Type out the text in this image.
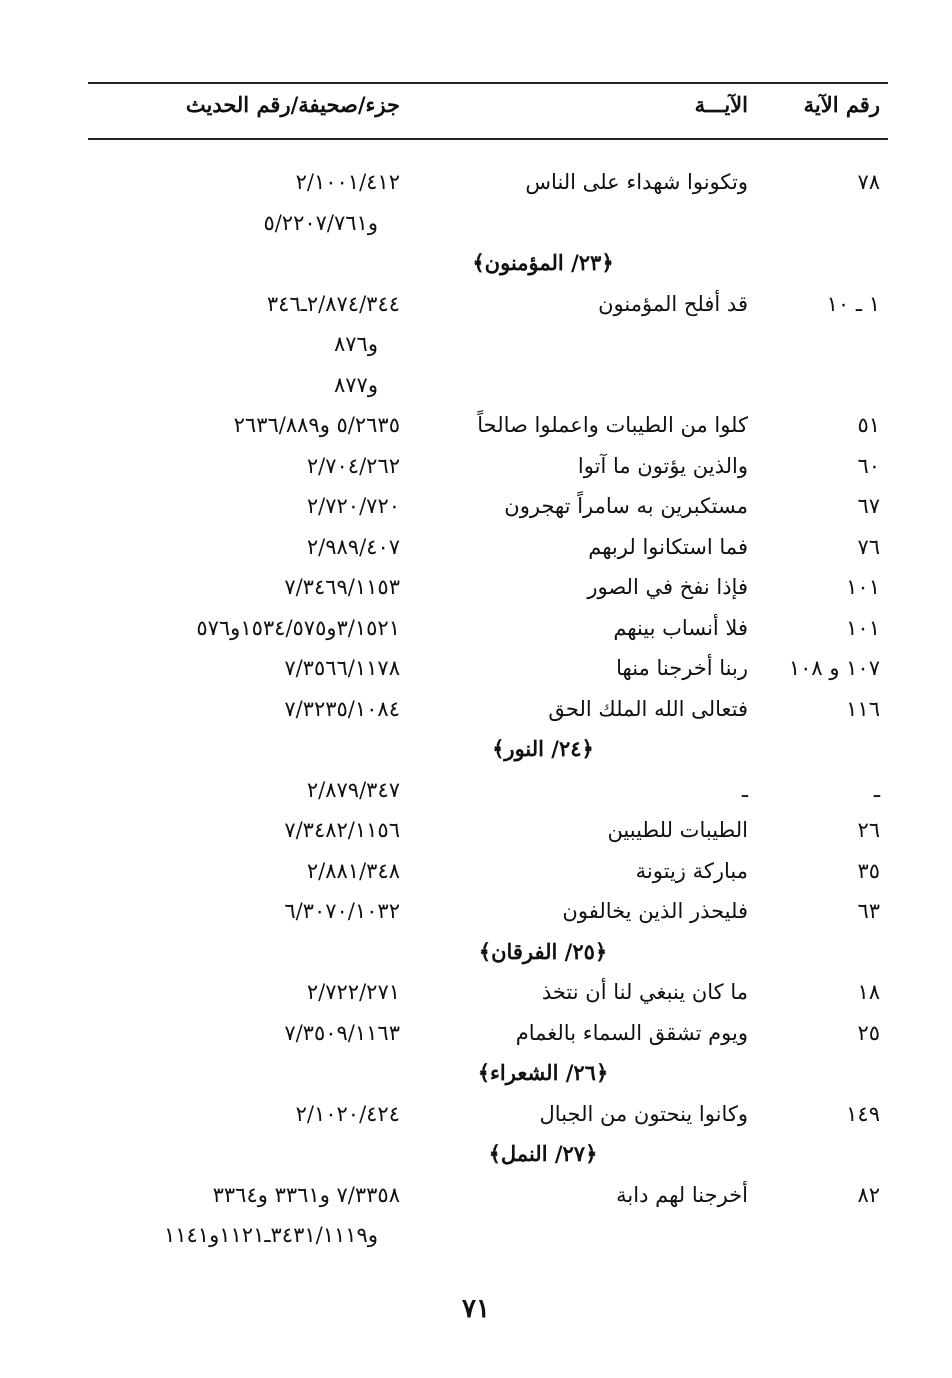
رقم الآية
الآيـــة
جزء/صحيفة/رقم الحديث
٧٨
وتكونوا شهداء على الناس
٢/١٠٠١/٤١٢
و٥/٢٢٠٧/٧٦١
﴿٢٣/ المؤمنون﴾
١ ـ ١٠
قد أفلح المؤمنون
٢/٨٧٤/٣٤٤ـ٣٤٦
و٨٧٦
و٨٧٧
٥١
كلوا من الطيبات واعملوا صالحاً
٥/٢٦٣٥ و٢٦٣٦/٨٨٩
٦٠
والذين يؤتون ما آتوا
٢/٧٠٤/٢٦٢
٦٧
مستكبرين به سامراً تهجرون
٢/٧٢٠/٧٢٠
٧٦
فما استكانوا لربهم
٢/٩٨٩/٤٠٧
١٠١
فإذا نفخ في الصور
٧/٣٤٦٩/١١٥٣
١٠١
فلا أنساب بينهم
٣/١٥٢١و١٥٣٤/٥٧٥و٥٧٦
١٠٧ و ١٠٨
ربنا أخرجنا منها
٧/٣٥٦٦/١١٧٨
١١٦
فتعالى الله الملك الحق
٧/٣٢٣٥/١٠٨٤
﴿٢٤/ النور﴾
ـ
ـ
٢/٨٧٩/٣٤٧
٢٦
الطيبات للطيبين
٧/٣٤٨٢/١١٥٦
٣٥
مباركة زيتونة
٢/٨٨١/٣٤٨
٦٣
فليحذر الذين يخالفون
٦/٣٠٧٠/١٠٣٢
﴿٢٥/ الفرقان﴾
١٨
ما كان ينبغي لنا أن نتخذ
٢/٧٢٢/٢٧١
٢٥
ويوم تشقق السماء بالغمام
٧/٣٥٠٩/١١٦٣
﴿٢٦/ الشعراء﴾
١٤٩
وكانوا ينحتون من الجبال
٢/١٠٢٠/٤٢٤
﴿٢٧/ النمل﴾
٨٢
أخرجنا لهم دابة
٧/٣٣٥٨ و٣٣٦١ و٣٣٦٤
و٣٤٣١/١١١٩ـ١١٢١و١١٤١
٧١
